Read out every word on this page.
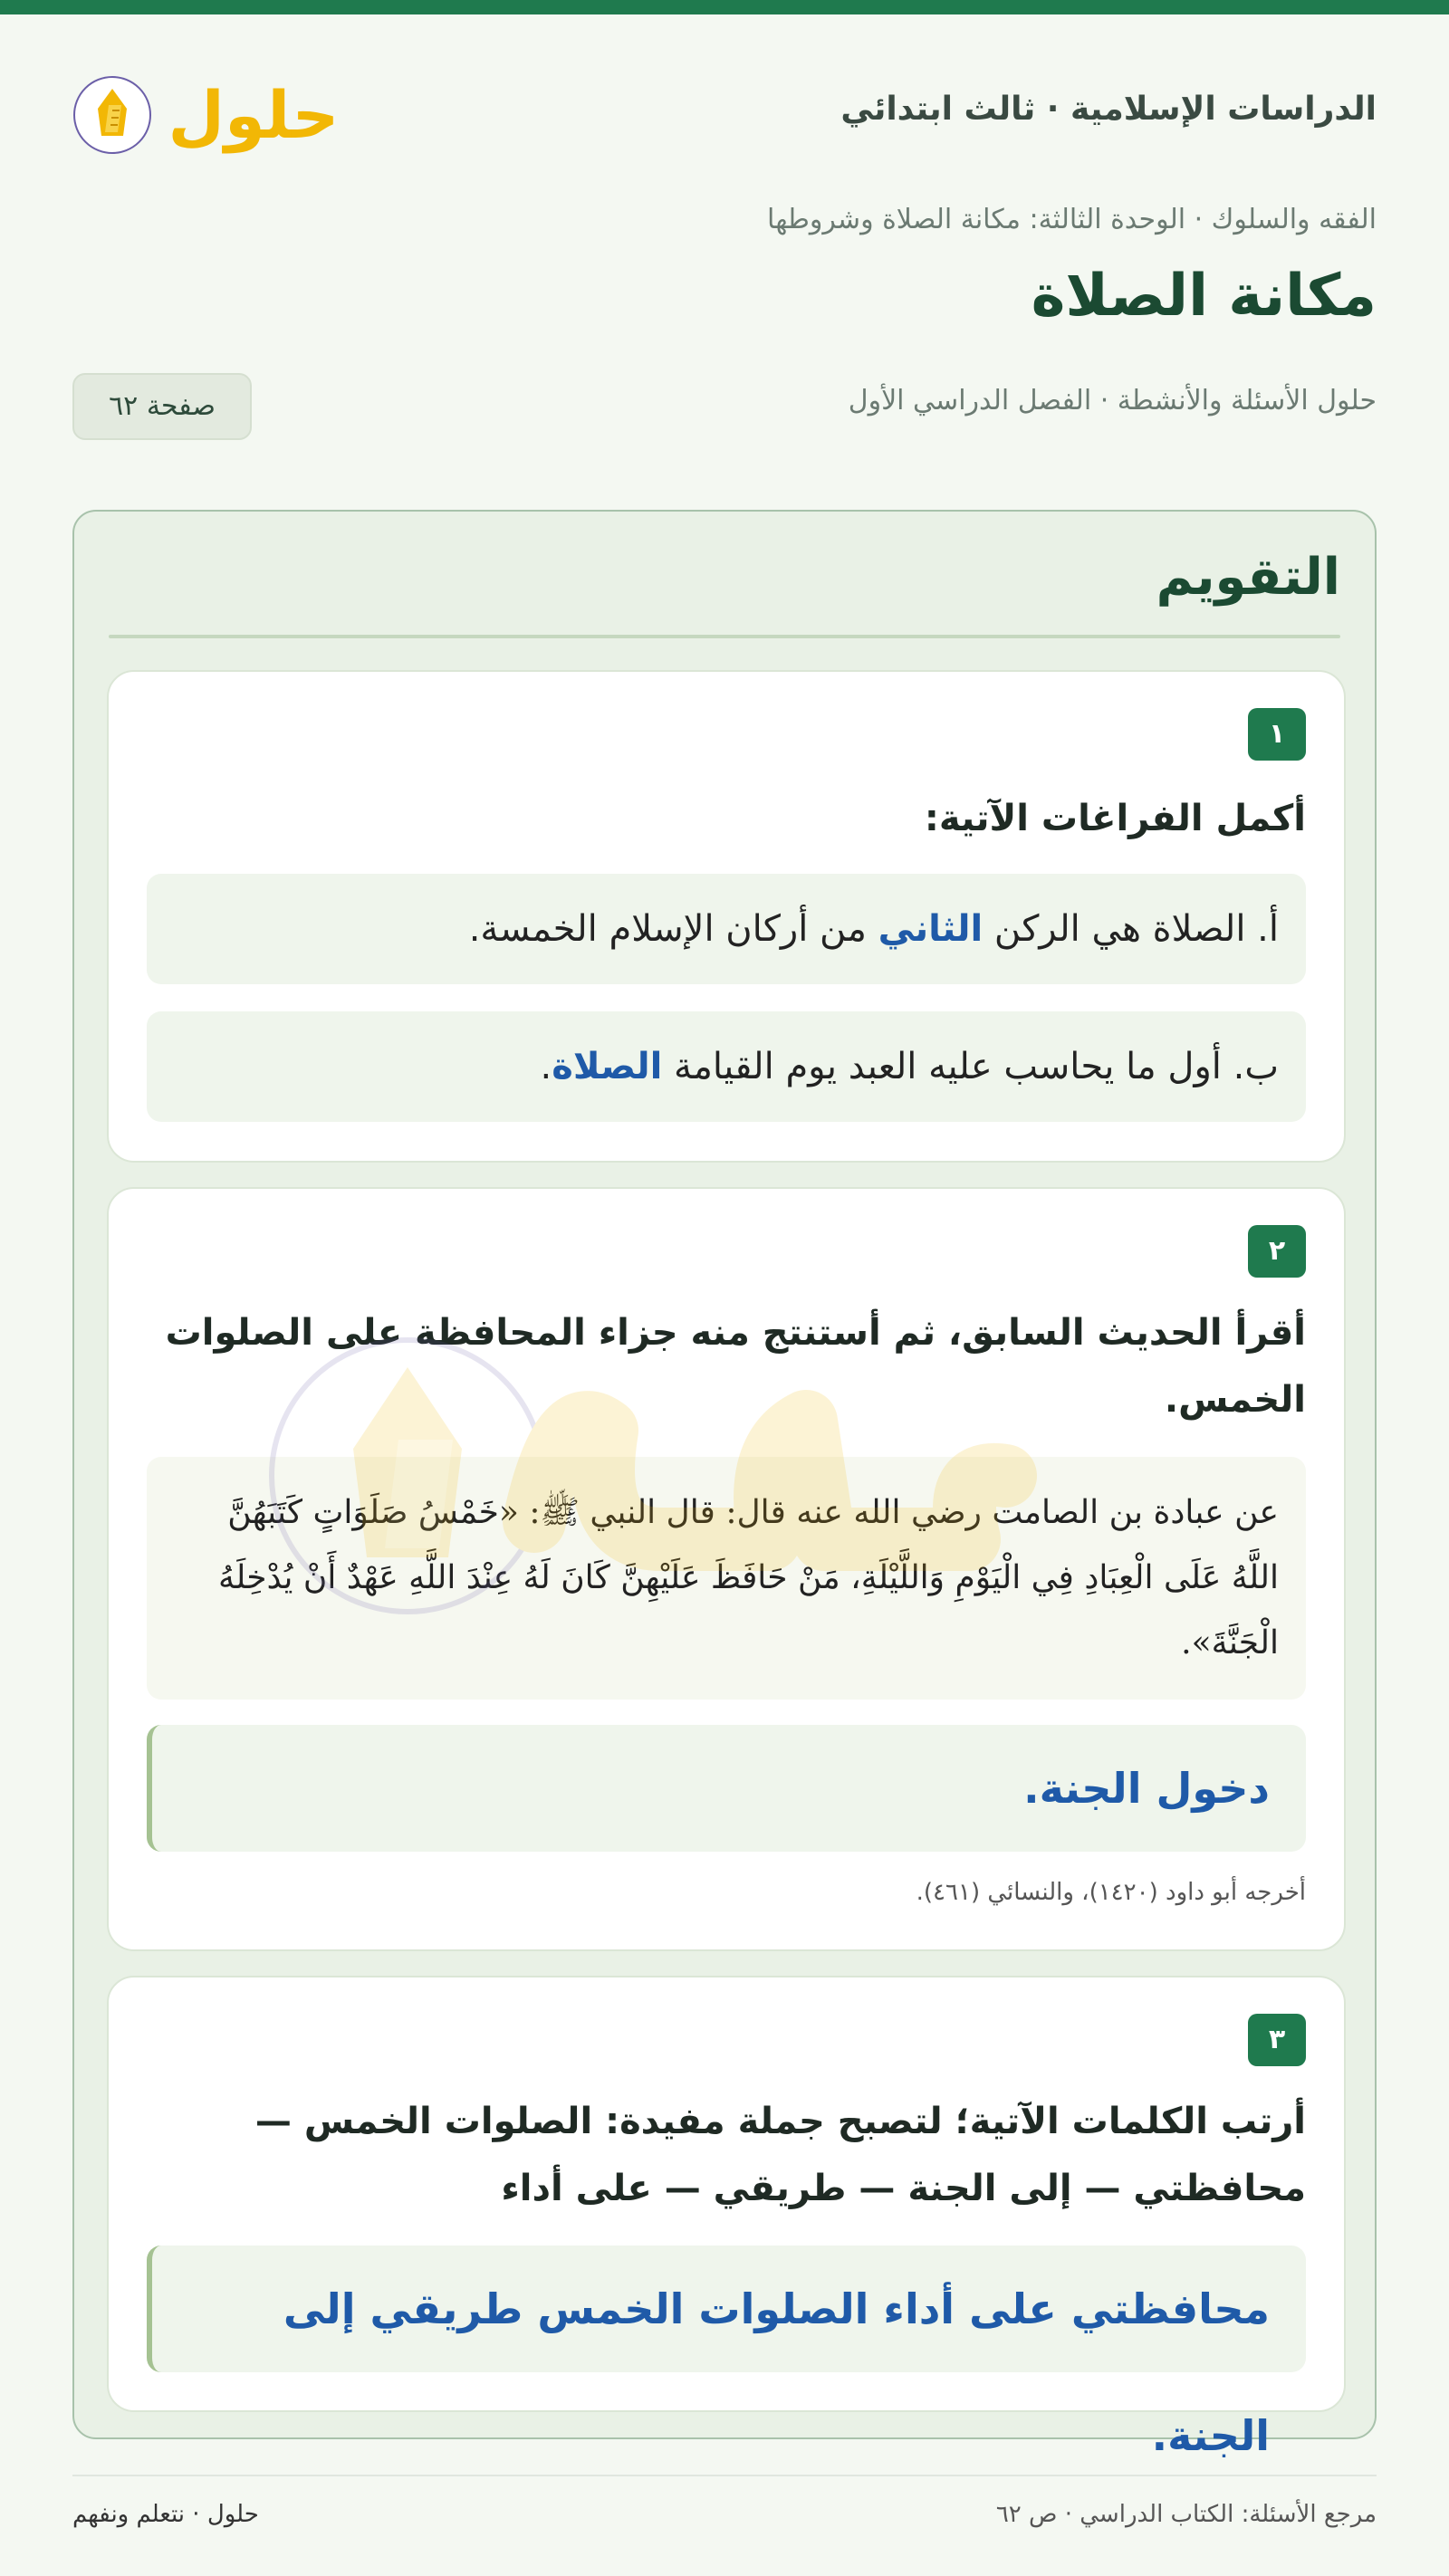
الدراسات الإسلامية · ثالث ابتدائي
حلول
الفقه والسلوك · الوحدة الثالثة: مكانة الصلاة وشروطها
مكانة الصلاة
حلول الأسئلة والأنشطة · الفصل الدراسي الأول
صفحة ٦٢
التقويم
١

أكمل الفراغات الآتية:

أ. الصلاة هي الركن الثاني من أركان الإسلام الخمسة.
ب. أول ما يحاسب عليه العبد يوم القيامة الصلاة.
٢

أقرأ الحديث السابق، ثم أستنتج منه جزاء المحافظة على الصلوات الخمس.

عن عبادة بن الصامت رضي الله عنه قال: قال النبي ﷺ: «خَمْسُ صَلَوَاتٍ كَتَبَهُنَّ اللَّهُ عَلَى الْعِبَادِ فِي الْيَوْمِ وَاللَّيْلَةِ، مَنْ حَافَظَ عَلَيْهِنَّ كَانَ لَهُ عِنْدَ اللَّهِ عَهْدٌ أَنْ يُدْخِلَهُ الْجَنَّةَ».
دخول الجنة.
أخرجه أبو داود (١٤٢٠)، والنسائي (٤٦١).
٣

أرتب الكلمات الآتية؛ لتصبح جملة مفيدة: الصلوات الخمس — محافظتي — إلى الجنة — طريقي — على أداء

محافظتي على أداء الصلوات الخمس طريقي إلى الجنة.
مرجع الأسئلة: الكتاب الدراسي · ص ٦٢
حلول · نتعلم ونفهم
